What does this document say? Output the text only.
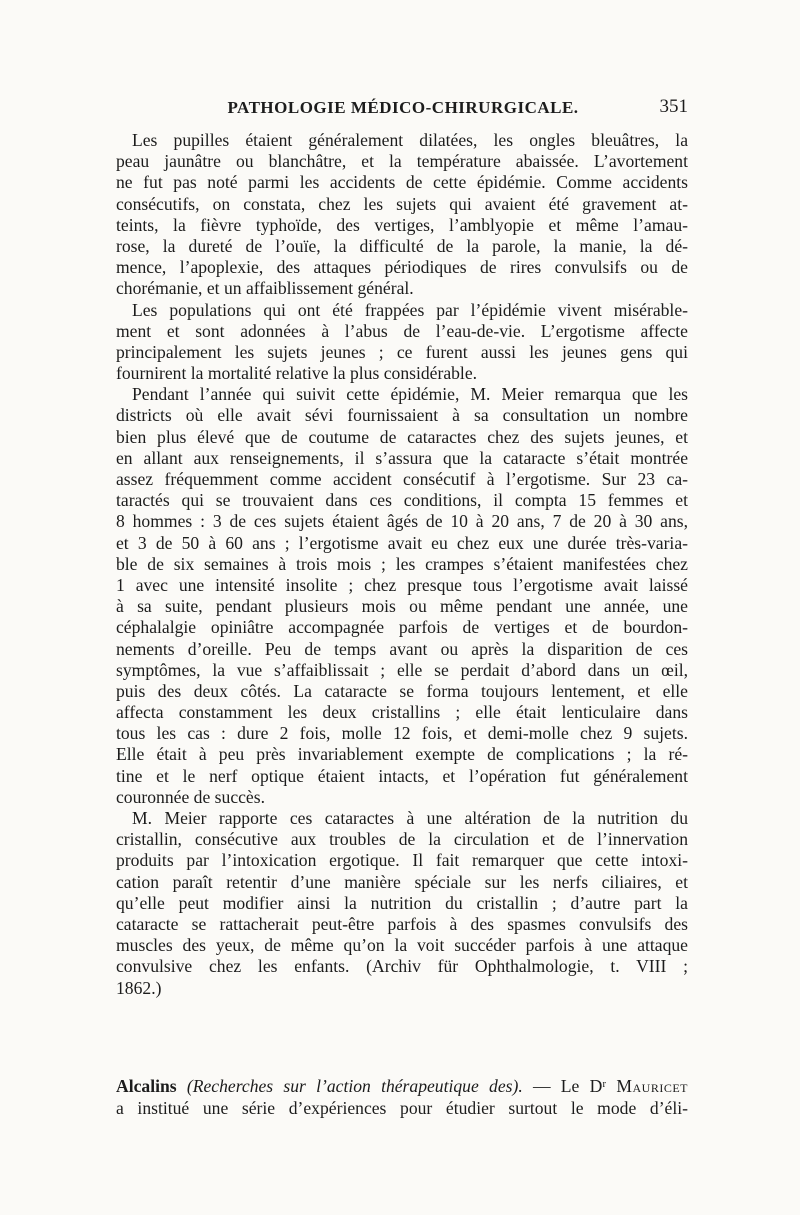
PATHOLOGIE MÉDICO-CHIRURGICALE.	351
Les pupilles étaient généralement dilatées, les ongles bleuâtres, la
peau jaunâtre ou blanchâtre, et la température abaissée. L’avortement
ne fut pas noté parmi les accidents de cette épidémie. Comme accidents
consécutifs, on constata, chez les sujets qui avaient été gravement at-
teints, la fièvre typhoïde, des vertiges, l’amblyopie et même l’amau-
rose, la dureté de l’ouïe, la difficulté de la parole, la manie, la dé-
mence, l’apoplexie, des attaques périodiques de rires convulsifs ou de
chorémanie, et un affaiblissement général.
Les populations qui ont été frappées par l’épidémie vivent misérable-
ment et sont adonnées à l’abus de l’eau-de-vie. L’ergotisme affecte
principalement les sujets jeunes ; ce furent aussi les jeunes gens qui
fournirent la mortalité relative la plus considérable.
Pendant l’année qui suivit cette épidémie, M. Meier remarqua que les
districts où elle avait sévi fournissaient à sa consultation un nombre
bien plus élevé que de coutume de cataractes chez des sujets jeunes, et
en allant aux renseignements, il s’assura que la cataracte s’était montrée
assez fréquemment comme accident consécutif à l’ergotisme. Sur 23 ca-
taractés qui se trouvaient dans ces conditions, il compta 15 femmes et
8 hommes : 3 de ces sujets étaient âgés de 10 à 20 ans, 7 de 20 à 30 ans,
et 3 de 50 à 60 ans ; l’ergotisme avait eu chez eux une durée très-varia-
ble de six semaines à trois mois ; les crampes s’étaient manifestées chez
1 avec une intensité insolite ; chez presque tous l’ergotisme avait laissé
à sa suite, pendant plusieurs mois ou même pendant une année, une
céphalalgie opiniâtre accompagnée parfois de vertiges et de bourdon-
nements d’oreille. Peu de temps avant ou après la disparition de ces
symptômes, la vue s’affaiblissait ; elle se perdait d’abord dans un œil,
puis des deux côtés. La cataracte se forma toujours lentement, et elle
affecta constamment les deux cristallins ; elle était lenticulaire dans
tous les cas : dure 2 fois, molle 12 fois, et demi-molle chez 9 sujets.
Elle était à peu près invariablement exempte de complications ; la ré-
tine et le nerf optique étaient intacts, et l’opération fut généralement
couronnée de succès.
M. Meier rapporte ces cataractes à une altération de la nutrition du
cristallin, consécutive aux troubles de la circulation et de l’innervation
produits par l’intoxication ergotique. Il fait remarquer que cette intoxi-
cation paraît retentir d’une manière spéciale sur les nerfs ciliaires, et
qu’elle peut modifier ainsi la nutrition du cristallin ; d’autre part la
cataracte se rattacherait peut-être parfois à des spasmes convulsifs des
muscles des yeux, de même qu’on la voit succéder parfois à une attaque
convulsive chez les enfants. (Archiv für Ophthalmologie, t. VIII ;
1862.)
Alcalins (Recherches sur l’action thérapeutique des). — Le Dʳ Mauricet
a institué une série d’expériences pour étudier surtout le mode d’éli-
